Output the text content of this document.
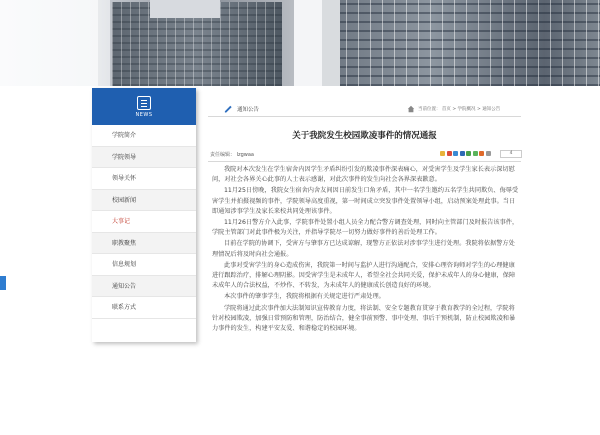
NEWS
学院简介
学院领导
领导关怀
校园新闻
大事记
职教聚焦
信息规划
通知公告
联系方式
通知公告	当前位置： 首页 > 学院概况 > 通知公告
关于我院发生校园欺凌事件的情况通报
责任编辑： lzgwaa	4

我院对本次发生在学生宿舍内因学生矛盾纠纷引发的欺凌事件深表痛心，对受害学生及学生家长表示深切慰问，对社会各界关心此事的人士表示感谢，对此次事件的发生向社会各界深表歉意。

11月25日傍晚，我院女生宿舍内舍友间因日前发生口角矛盾，其中一名学生邀约五名学生共同欺负、侮辱受害学生并拍摄视频的事件，学院领导高度重视，第一时间成立突发事件处置领导小组，启动预案处理此事。当日即通知涉事学生及家长来校共同处理该事件。

11月26日警方介入此事，学院事件处置小组人员全力配合警方调查处理，同时向主管部门及时报告该事件，学院主管部门对此事件极为关注，并指导学院尽一切努力做好事件的善后处理工作。

目前在学院的协调下，受害方与肇事方已达成谅解，现警方正依法对涉事学生进行处理。我院将依据警方处理情况后将及时向社会通报。

此事对受害学生的身心造成伤害，我院第一时间与监护人进行沟通配合，安排心理咨询师对学生的心理健康进行跟踪治疗，排解心理阴影。因受害学生是未成年人，希望全社会共同关爱，保护未成年人的身心健康，保障未成年人的合法权益，不炒作、不转发，为未成年人的健康成长创造良好的环境。

本次事件的肇事学生，我院将根据有关规定进行严肃处理。

学院将通过此次事件加大法制知识宣传教育力度，将法制、安全专题教育贯穿于教育教学的全过程，学院将针对校园欺凌，加强日常预防和管理，防治结合，健全事前预警、事中处理、事后干预机制，防止校园欺凌和暴力事件的发生，构建平安友爱、和谐稳定的校园环境。
